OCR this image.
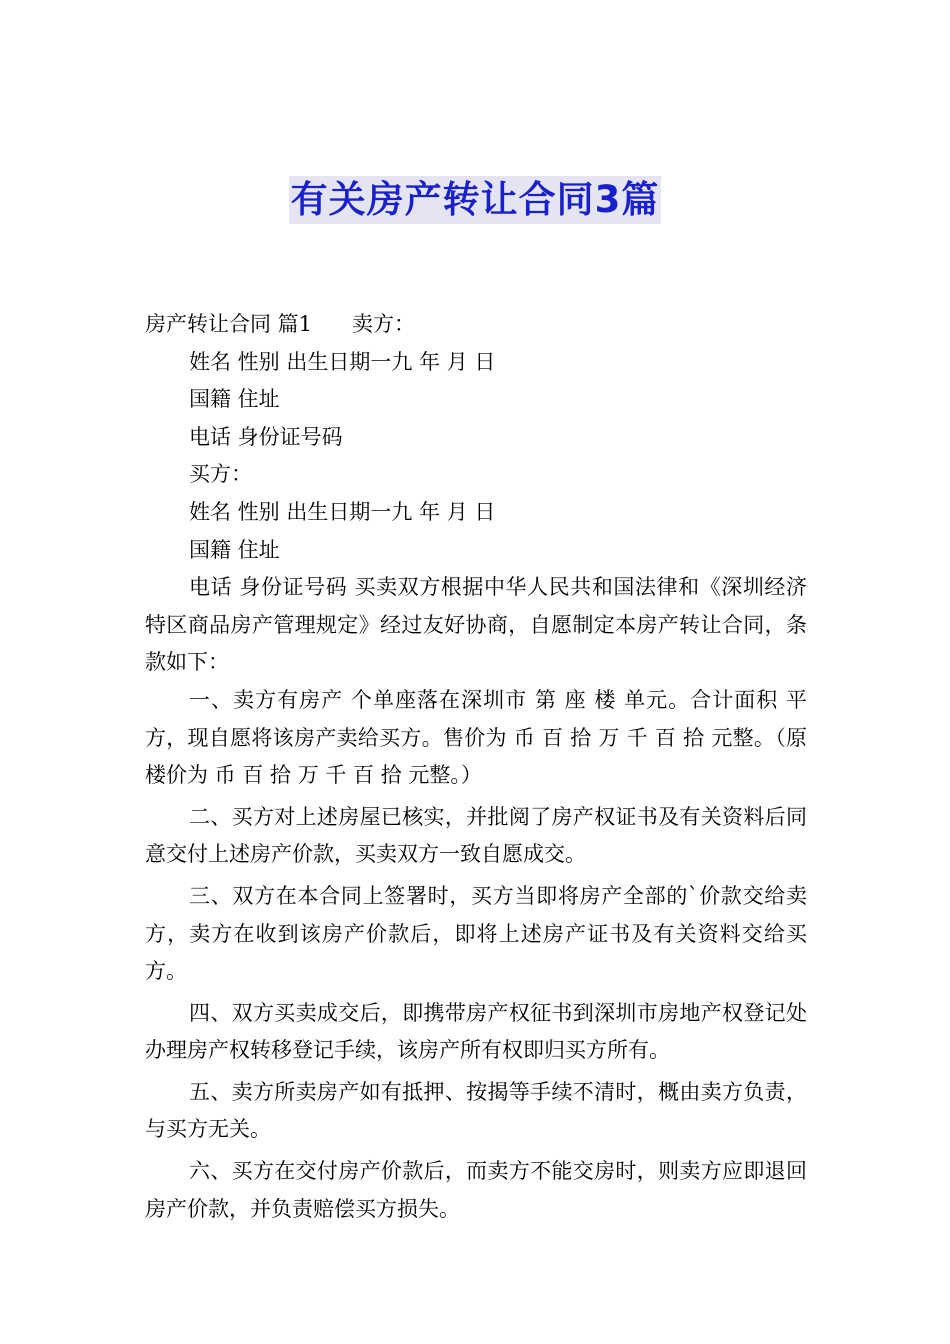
有关房产转让合同3篇

房产转让合同 篇1 卖方：

姓名 性别 出生日期一九 年 月 日

国籍 住址

电话 身份证号码

买方：

姓名 性别 出生日期一九 年 月 日

国籍 住址

电话 身份证号码 买卖双方根据中华人民共和国法律和《深圳经济特区商品房产管理规定》经过友好协商，自愿制定本房产转让合同，条款如下：

一、卖方有房产 个单座落在深圳市 第 座 楼 单元。合计面积 平方，现自愿将该房产卖给买方。售价为 币 百 拾 万 千 百 拾 元整。（原楼价为 币 百 拾 万 千 百 拾 元整。）

二、买方对上述房屋已核实，并批阅了房产权证书及有关资料后同意交付上述房产价款，买卖双方一致自愿成交。

三、双方在本合同上签署时，买方当即将房产全部的`价款交给卖方，卖方在收到该房产价款后，即将上述房产证书及有关资料交给买方。

四、双方买卖成交后，即携带房产权征书到深圳市房地产权登记处办理房产权转移登记手续，该房产所有权即归买方所有。

五、卖方所卖房产如有抵押、按揭等手续不清时，概由卖方负责，与买方无关。

六、买方在交付房产价款后，而卖方不能交房时，则卖方应即退回房产价款，并负责赔偿买方损失。
